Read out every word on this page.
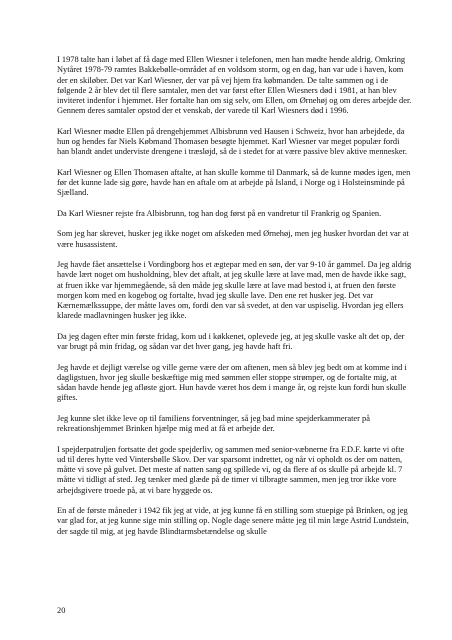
I 1978 talte han i løbet af få dage med Ellen Wiesner i telefonen, men han mødte hende aldrig. Omkring Nytåret 1978-79 ramtes Bakkebølle-området af en voldsom storm, og en dag, han var ude i haven, kom der en skiløber. Det var Karl Wiesner, der var på vej hjem fra købmanden. De talte sammen og i de følgende 2 år blev det til flere samtaler, men det var først efter Ellen Wiesners død i 1981, at han blev inviteret indenfor i hjemmet. Her fortalte han om sig selv, om Ellen, om Ørnehøj og om deres arbejde der. Gennem deres samtaler opstod der et venskab, der varede til Karl Wiesners død i 1996.

Karl Wiesner mødte Ellen på drengehjemmet Albisbrunn ved Hausen i Schweiz, hvor han arbejdede, da hun og hendes far Niels Købmand Thomasen besøgte hjemmet. Karl Wiesner var meget populær fordi han blandt andet underviste drengene i træsløjd, så de i stedet for at være passive blev aktive mennesker.

Karl Wiesner og Ellen Thomasen aftalte, at han skulle komme til Danmark, så de kunne mødes igen, men før det kunne lade sig gøre, havde han en aftale om at arbejde på Island, i Norge og i Holsteinsminde på Sjælland.

Da Karl Wiesner rejste fra Albisbrunn, tog han dog først på en vandretur til Frankrig og Spanien.

Som jeg har skrevet, husker jeg ikke noget om afskeden med Ørnehøj, men jeg husker hvordan det var at være husassistent.

Jeg havde fået ansættelse i Vordingborg hos et ægtepar med en søn, der var 9-10 år gammel. Da jeg aldrig havde lært noget om husholdning, blev det aftalt, at jeg skulle lære at lave mad, men de havde ikke sagt, at fruen ikke var hjemmegående, så den måde jeg skulle lære at lave mad bestod i, at fruen den første morgen kom med en kogebog og fortalte, hvad jeg skulle lave. Den ene ret husker jeg. Det var Kærnemælkssuppe, der måtte laves om, fordi den var så svedet, at den var uspiselig. Hvordan jeg ellers klarede madlavningen husker jeg ikke.

Da jeg dagen efter min første fridag, kom ud i køkkenet, oplevede jeg, at jeg skulle vaske alt det op, der var brugt på min fridag, og sådan var det hver gang, jeg havde haft fri.

Jeg havde et dejligt værelse og ville gerne være der om aftenen, men så blev jeg bedt om at komme ind i dagligstuen, hvor jeg skulle beskæftige mig med sømmen eller stoppe strømper, og de fortalte mig, at sådan havde hende jeg afløste gjort. Hun havde været hos dem i mange år, og rejste kun fordi hun skulle giftes.

Jeg kunne slet ikke leve op til familiens forventninger, så jeg bad mine spejderkammerater på rekreationshjemmet Brinken hjælpe mig med at få et arbejde der.

I spejderpatruljen fortsatte det gode spejderliv, og sammen med senior-væbnerne fra F.D.F. kørte vi ofte ud til deres hytte ved Vintersbølle Skov. Der var sparsomt indrettet, og når vi opholdt os der om natten, måtte vi sove på gulvet. Det meste af natten sang og spillede vi, og da flere af os skulle på arbejde kl. 7 måtte vi tidligt af sted. Jeg tænker med glæde på de timer vi tilbragte sammen, men jeg tror ikke vore arbejdsgivere troede på, at vi bare hyggede os.

En af de første måneder i 1942 fik jeg at vide, at jeg kunne få en stilling som stuepige på Brinken, og jeg var glad for, at jeg kunne sige min stilling op. Nogle dage senere måtte jeg til min læge Astrid Lundstein, der sagde til mig, at jeg havde Blindtarmsbetændelse og skulle

20
